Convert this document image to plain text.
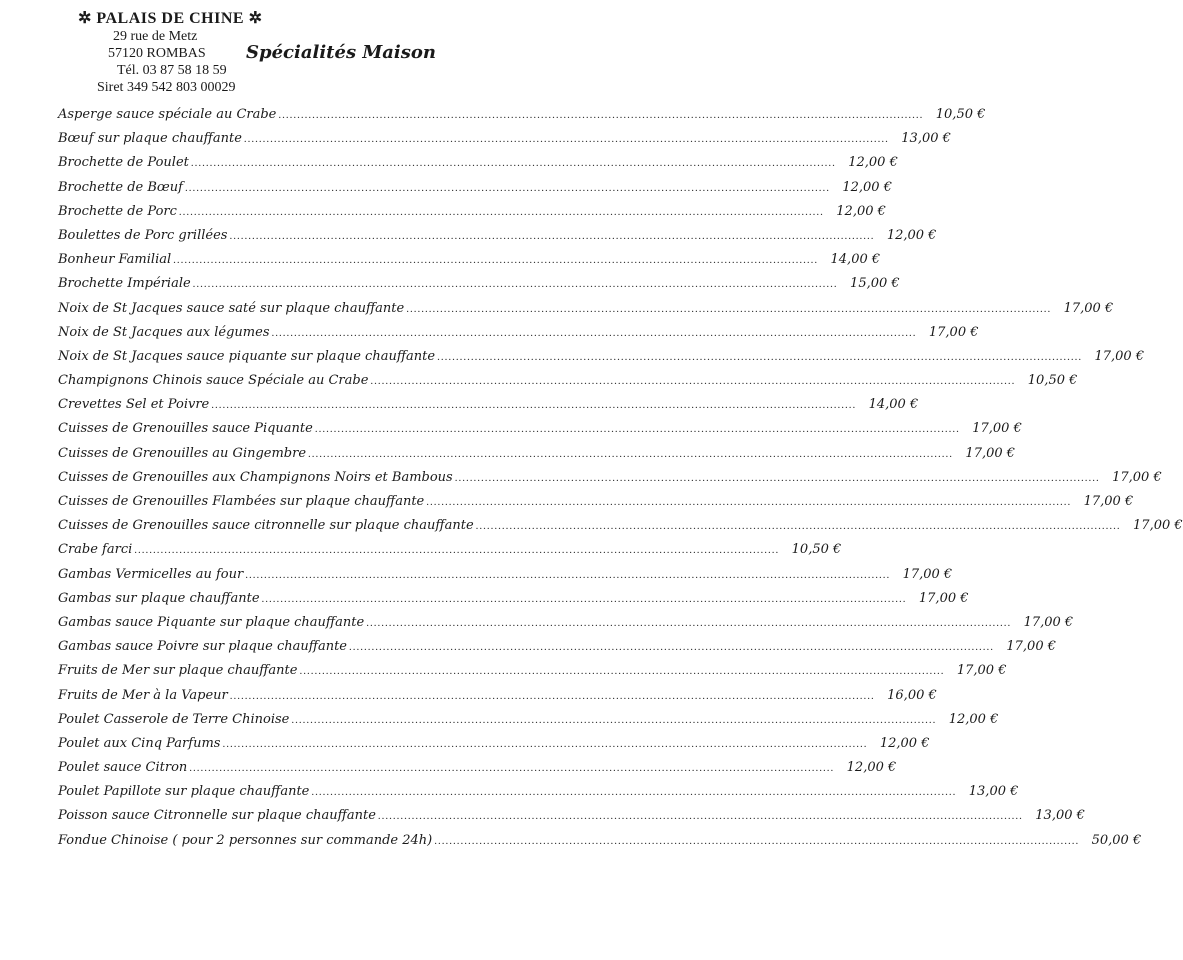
✲ PALAIS DE CHINE ✲
29 rue de Metz
57120 ROMBAS
Tél. 03 87 58 18 59
Siret 349 542 803 00029
Spécialités Maison
Asperge sauce spéciale au Crabe ............................................................................................................................................................................ 10,50 €
Bœuf sur plaque chauffante ............................................................................................................................................................................ 13,00 €
Brochette de Poulet ............................................................................................................................................................................ 12,00 €
Brochette de Bœuf ............................................................................................................................................................................ 12,00 €
Brochette de Porc ............................................................................................................................................................................ 12,00 €
Boulettes de Porc grillées ............................................................................................................................................................................ 12,00 €
Bonheur Familial ............................................................................................................................................................................ 14,00 €
Brochette Impériale ............................................................................................................................................................................ 15,00 €
Noix de St Jacques sauce saté sur plaque chauffante ............................................................................................................................................................................ 17,00 €
Noix de St Jacques aux légumes ............................................................................................................................................................................ 17,00 €
Noix de St Jacques sauce piquante sur plaque chauffante ............................................................................................................................................................................ 17,00 €
Champignons Chinois sauce Spéciale au Crabe ............................................................................................................................................................................ 10,50 €
Crevettes Sel et Poivre ............................................................................................................................................................................ 14,00 €
Cuisses de Grenouilles sauce Piquante ............................................................................................................................................................................ 17,00 €
Cuisses de Grenouilles au Gingembre ............................................................................................................................................................................ 17,00 €
Cuisses de Grenouilles aux Champignons Noirs et Bambous ............................................................................................................................................................................ 17,00 €
Cuisses de Grenouilles Flambées sur plaque chauffante ............................................................................................................................................................................ 17,00 €
Cuisses de Grenouilles sauce citronnelle sur plaque chauffante ............................................................................................................................................................................ 17,00 €
Crabe farci ............................................................................................................................................................................ 10,50 €
Gambas Vermicelles au four ............................................................................................................................................................................ 17,00 €
Gambas sur plaque chauffante ............................................................................................................................................................................ 17,00 €
Gambas sauce Piquante sur plaque chauffante ............................................................................................................................................................................ 17,00 €
Gambas sauce Poivre sur plaque chauffante ............................................................................................................................................................................ 17,00 €
Fruits de Mer sur plaque chauffante ............................................................................................................................................................................ 17,00 €
Fruits de Mer à la Vapeur ............................................................................................................................................................................ 16,00 €
Poulet Casserole de Terre Chinoise ............................................................................................................................................................................ 12,00 €
Poulet aux Cinq Parfums ............................................................................................................................................................................ 12,00 €
Poulet sauce Citron ............................................................................................................................................................................ 12,00 €
Poulet Papillote sur plaque chauffante ............................................................................................................................................................................ 13,00 €
Poisson sauce Citronnelle sur plaque chauffante ............................................................................................................................................................................ 13,00 €
Fondue Chinoise ( pour 2 personnes sur commande 24h) ............................................................................................................................................................................ 50,00 €
